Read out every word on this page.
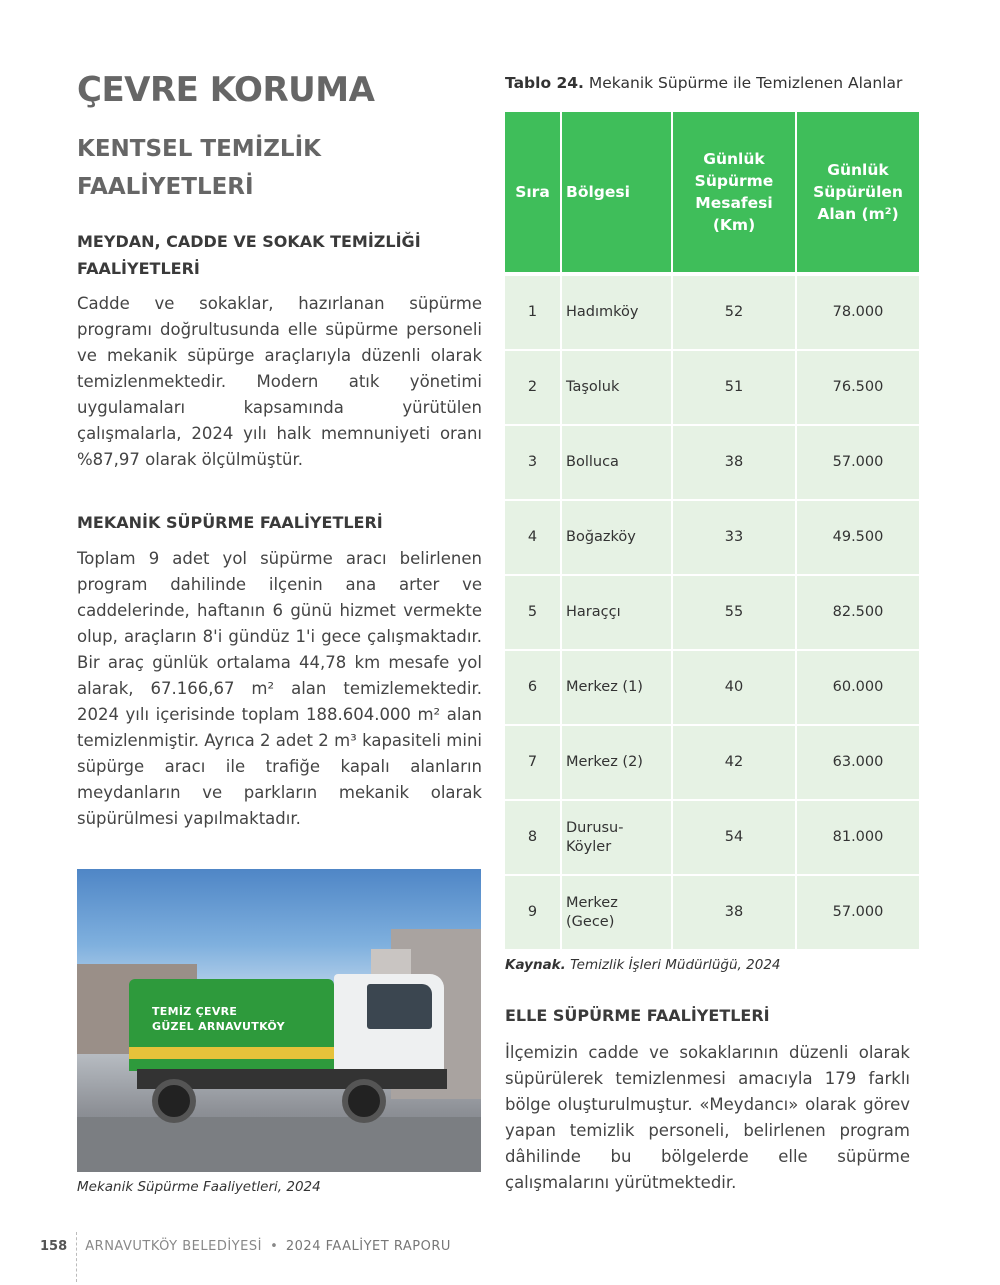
ÇEVRE KORUMA
KENTSEL TEMİZLİK FAALİYETLERİ

MEYDAN, CADDE VE SOKAK TEMİZLİĞİ FAALİYETLERİ

Cadde ve sokaklar, hazırlanan süpürme programı doğrultusunda elle süpürme personeli ve mekanik süpürge araçlarıyla düzenli olarak temizlenmektedir. Modern atık yönetimi uygulamaları kapsamında yürütülen çalışmalarla, 2024 yılı halk memnuniyeti oranı %87,97 olarak ölçülmüştür.

MEKANİK SÜPÜRME FAALİYETLERİ

Toplam 9 adet yol süpürme aracı belirlenen program dahilinde ilçenin ana arter ve caddelerinde, haftanın 6 günü hizmet vermekte olup, araçların 8'i gündüz 1'i gece çalışmaktadır. Bir araç günlük ortalama 44,78 km mesafe yol alarak, 67.166,67 m² alan temizlemektedir. 2024 yılı içerisinde toplam 188.604.000 m² alan temizlenmiştir. Ayrıca 2 adet 2 m³ kapasiteli mini süpürge aracı ile trafiğe kapalı alanların meydanların ve parkların mekanik olarak süpürülmesi yapılmaktadır.

TEMİZ ÇEVRE
GÜZEL ARNAVUTKÖY

Mekanik Süpürme Faaliyetleri, 2024

Tablo 24. Mekanik Süpürme ile Temizlenen Alanlar

Sıra	Bölgesi	Günlük Süpürme Mesafesi (Km)	Günlük Süpürülen Alan (m²)
1	Hadımköy	52	78.000
2	Taşoluk	51	76.500
3	Bolluca	38	57.000
4	Boğazköy	33	49.500
5	Haraççı	55	82.500
6	Merkez (1)	40	60.000
7	Merkez (2)	42	63.000
8	Durusu- Köyler	54	81.000
9	Merkez (Gece)	38	57.000

Kaynak. Temizlik İşleri Müdürlüğü, 2024

ELLE SÜPÜRME FAALİYETLERİ

İlçemizin cadde ve sokaklarının düzenli olarak süpürülerek temizlenmesi amacıyla 179 farklı bölge oluşturulmuştur. «Meydancı» olarak görev yapan temizlik personeli, belirlenen program dâhilinde bu bölgelerde elle süpürme çalışmalarını yürütmektedir.

158 ARNAVUTKÖY BELEDİYESİ • 2024 FAALİYET RAPORU
